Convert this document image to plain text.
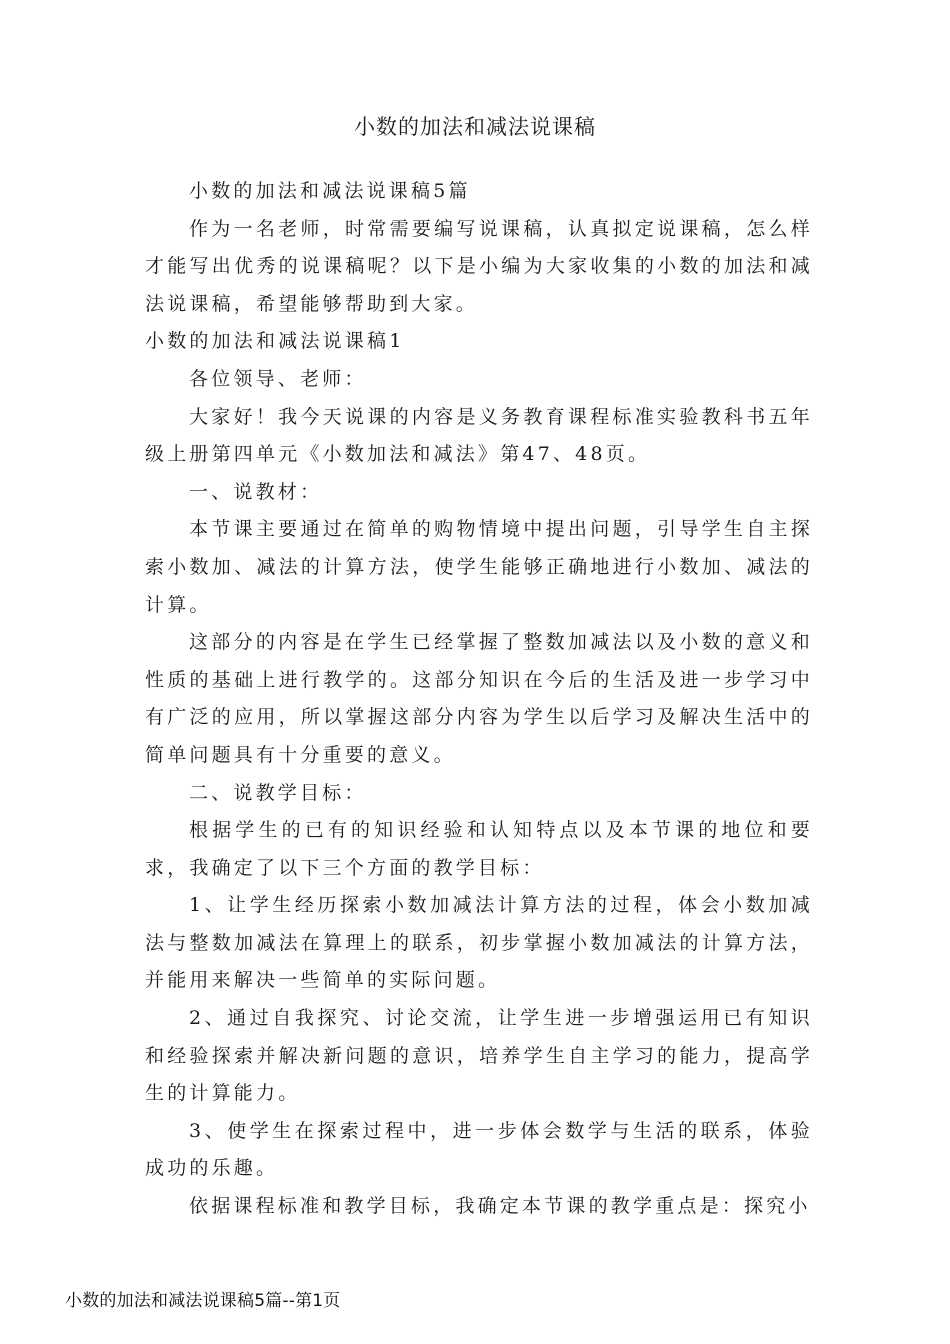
小数的加法和减法说课稿

小数的加法和减法说课稿5篇

作为一名老师，时常需要编写说课稿，认真拟定说课稿，怎么样才能写出优秀的说课稿呢？以下是小编为大家收集的小数的加法和减法说课稿，希望能够帮助到大家。

小数的加法和减法说课稿1

各位领导、老师：

大家好！我今天说课的内容是义务教育课程标准实验教科书五年级上册第四单元《小数加法和减法》第47、48页。

一、说教材：

本节课主要通过在简单的购物情境中提出问题，引导学生自主探索小数加、减法的计算方法，使学生能够正确地进行小数加、减法的计算。

这部分的内容是在学生已经掌握了整数加减法以及小数的意义和性质的基础上进行教学的。这部分知识在今后的生活及进一步学习中有广泛的应用，所以掌握这部分内容为学生以后学习及解决生活中的简单问题具有十分重要的意义。

二、说教学目标：

根据学生的已有的知识经验和认知特点以及本节课的地位和要求，我确定了以下三个方面的教学目标：

1、让学生经历探索小数加减法计算方法的过程，体会小数加减法与整数加减法在算理上的联系，初步掌握小数加减法的计算方法，并能用来解决一些简单的实际问题。

2、通过自我探究、讨论交流，让学生进一步增强运用已有知识和经验探索并解决新问题的意识，培养学生自主学习的能力，提高学生的计算能力。

3、使学生在探索过程中，进一步体会数学与生活的联系，体验成功的乐趣。

依据课程标准和教学目标，我确定本节课的教学重点是：探究小

小数的加法和减法说课稿5篇--第1页
